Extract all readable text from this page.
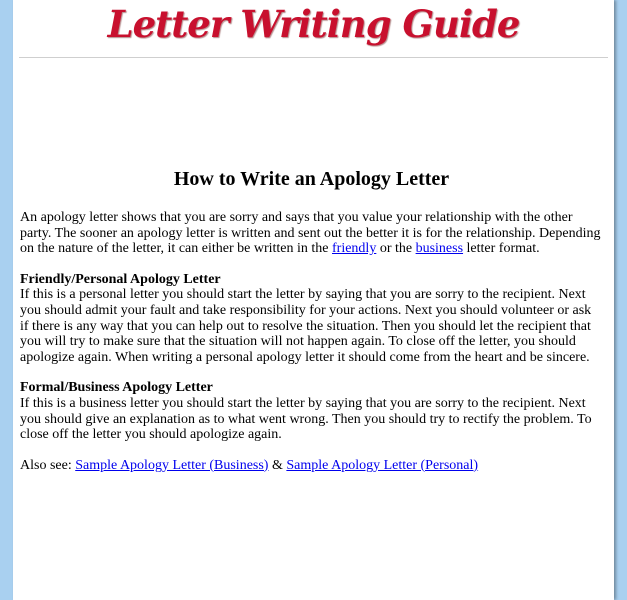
Letter Writing Guide
How to Write an Apology Letter

An apology letter shows that you are sorry and says that you value your relationship with the other party. The sooner an apology letter is written and sent out the better it is for the relationship. Depending on the nature of the letter, it can either be written in the friendly or the business letter format.

Friendly/Personal Apology Letter
If this is a personal letter you should start the letter by saying that you are sorry to the recipient. Next you should admit your fault and take responsibility for your actions. Next you should volunteer or ask if there is any way that you can help out to resolve the situation. Then you should let the recipient that you will try to make sure that the situation will not happen again. To close off the letter, you should apologize again. When writing a personal apology letter it should come from the heart and be sincere.

Formal/Business Apology Letter
If this is a business letter you should start the letter by saying that you are sorry to the recipient. Next you should give an explanation as to what went wrong. Then you should try to rectify the problem. To close off the letter you should apologize again.

Also see: Sample Apology Letter (Business) & Sample Apology Letter (Personal)
